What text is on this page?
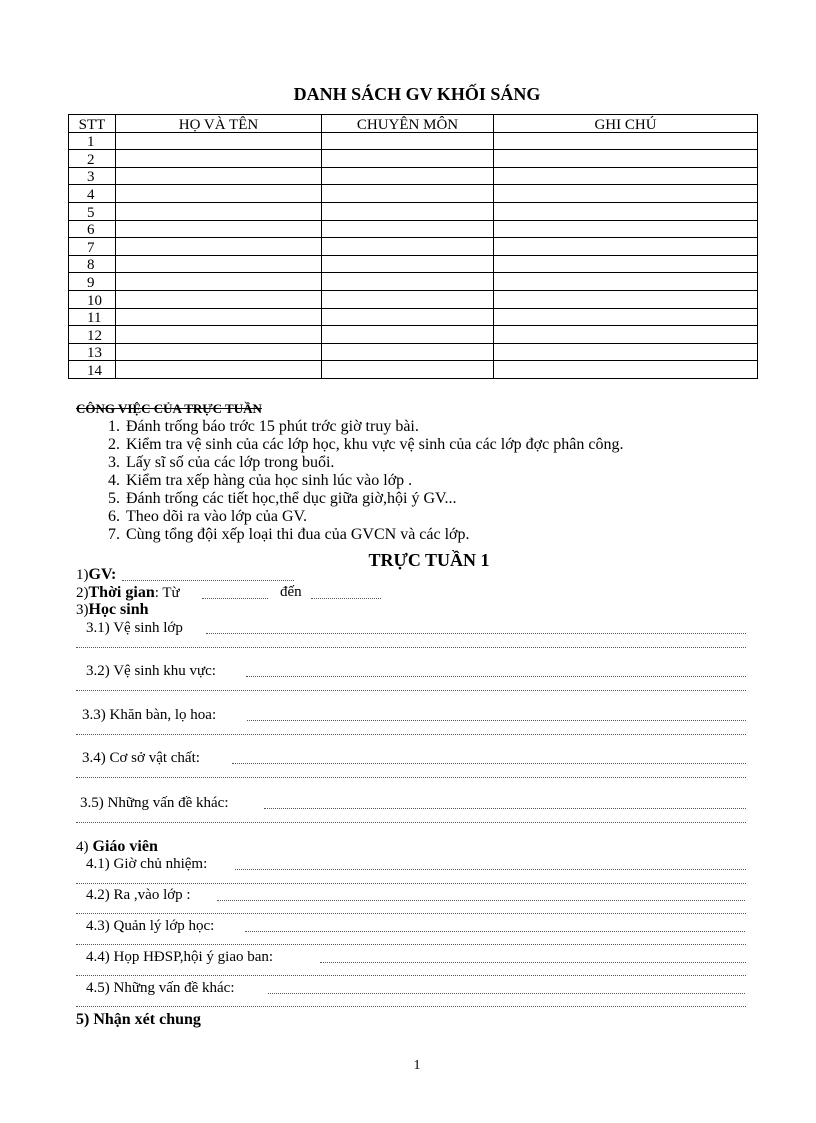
DANH SÁCH GV KHỐI SÁNG
STT	HỌ VÀ TÊN	CHUYÊN MÔN	GHI CHÚ
1			
2			
3			
4			
5			
6			
7			
8			
9			
10			
11			
12			
13			
14			
CÔNG VIỆC CỦA TRỰC TUẦN
1. Đánh trống báo trớc 15 phút trớc giờ truy bài.
2. Kiểm tra vệ sinh của các lớp học, khu vực vệ sinh của các lớp đợc phân công.
3. Lấy sĩ số của các lớp trong buổi.
4. Kiểm tra xếp hàng của học sinh lúc vào lớp .
5. Đánh trống các tiết học,thể dục giữa giờ,hội ý GV...
6. Theo dõi ra vào lớp của GV.
7. Cùng tổng đội xếp loại thi đua của GVCN và các lớp.
TRỰC TUẦN 1
1)GV:
2)Thời gian: Từ	đến
3)Học sinh
3.1) Vệ sinh lớp
3.2) Vệ sinh khu vực:
3.3) Khăn bàn, lọ hoa:
3.4) Cơ sở vật chất:
3.5) Những vấn đề khác:
4) Giáo viên
4.1) Giờ chủ nhiệm:
4.2) Ra ,vào lớp :
4.3) Quản lý lớp học:
4.4) Họp HĐSP,hội ý giao ban:
4.5) Những vấn đề khác:
5) Nhận xét chung
1
